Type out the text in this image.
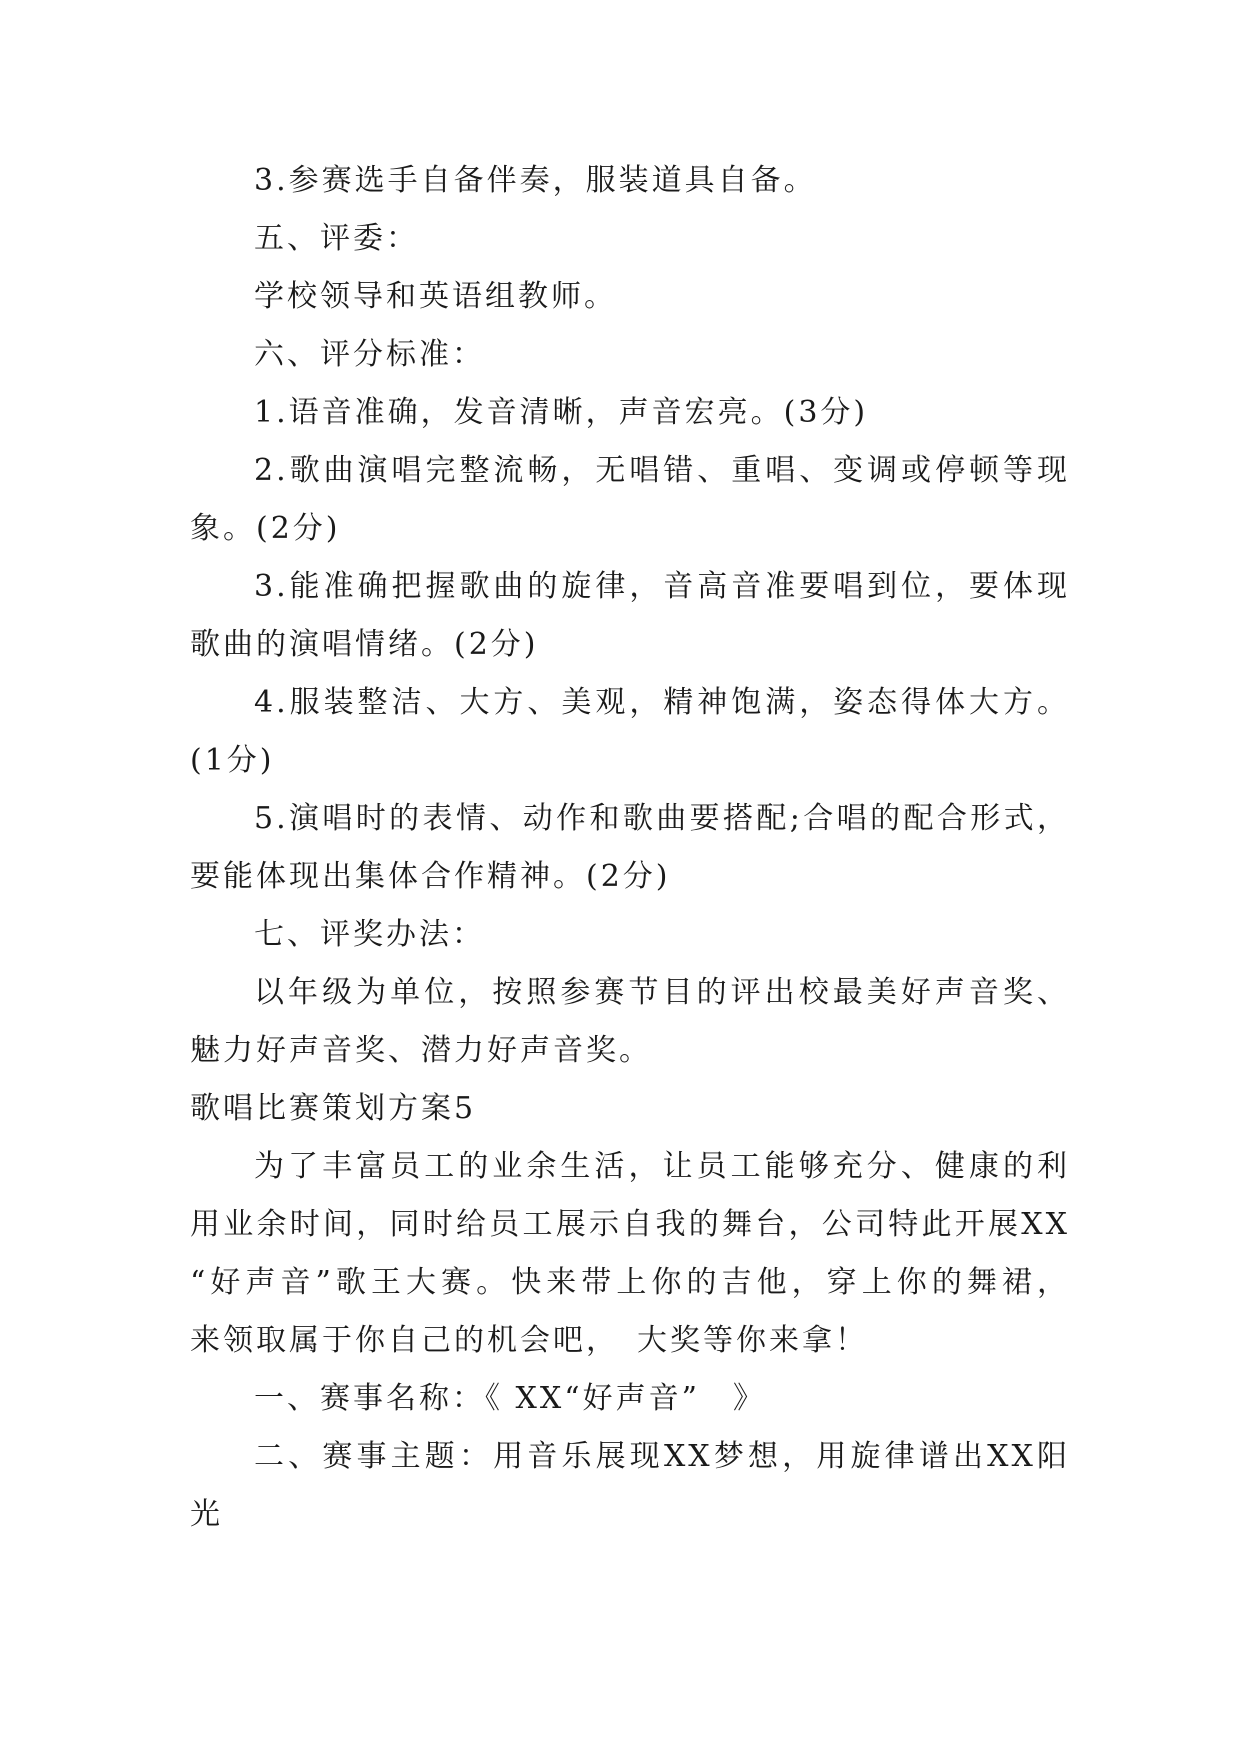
3.参赛选手自备伴奏，服装道具自备。

五、评委：

学校领导和英语组教师。

六、评分标准：

1.语音准确，发音清晰，声音宏亮。(3分)

2.歌曲演唱完整流畅，无唱错、重唱、变调或停顿等现

象。(2分)

3.能准确把握歌曲的旋律，音高音准要唱到位，要体现

歌曲的演唱情绪。(2分)

4.服装整洁、大方、美观，精神饱满，姿态得体大方。

(1分)

5.演唱时的表情、动作和歌曲要搭配;合唱的配合形式，

要能体现出集体合作精神。(2分)

七、评奖办法：

以年级为单位，按照参赛节目的评出校最美好声音奖、

魅力好声音奖、潜力好声音奖。

歌唱比赛策划方案5

为了丰富员工的业余生活，让员工能够充分、健康的利

用业余时间，同时给员工展示自我的舞台，公司特此开展XX

“好声音”歌王大赛。快来带上你的吉他，穿上你的舞裙，

来领取属于你自己的机会吧，　大奖等你来拿！

一、赛事名称：《 XX“好声音”　》

二、赛事主题：用音乐展现XX梦想，用旋律谱出XX阳

光
